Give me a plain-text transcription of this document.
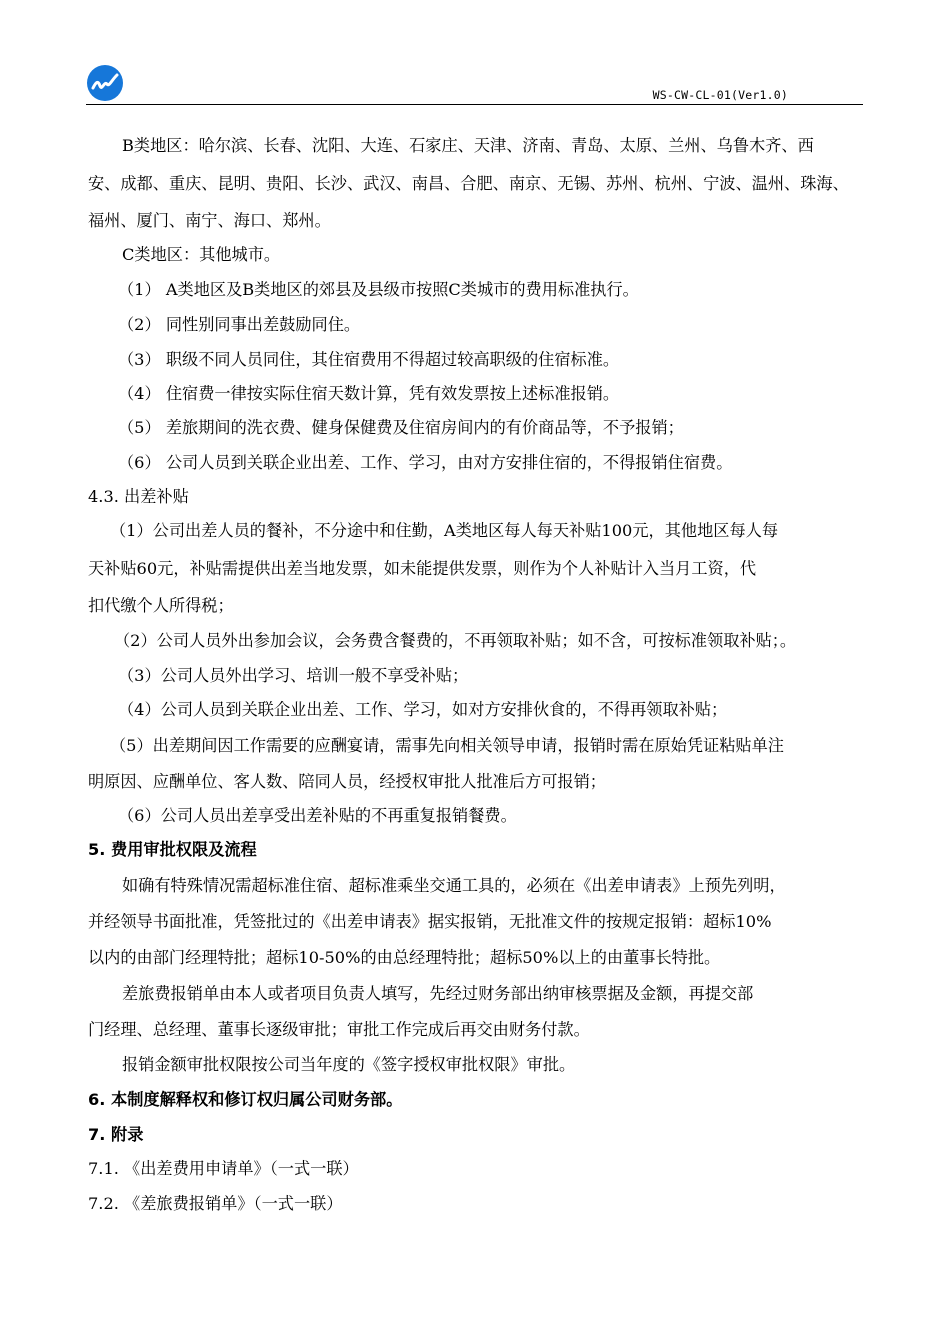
WS-CW-CL-01(Ver1.0)
B类地区：哈尔滨、长春、沈阳、大连、石家庄、天津、济南、青岛、太原、兰州、乌鲁木齐、西
安、成都、重庆、昆明、贵阳、长沙、武汉、南昌、合肥、南京、无锡、苏州、杭州、宁波、温州、珠海、
福州、厦门、南宁、海口、郑州。
C类地区：其他城市。
（1） A类地区及B类地区的郊县及县级市按照C类城市的费用标准执行。
（2） 同性别同事出差鼓励同住。
（3） 职级不同人员同住，其住宿费用不得超过较高职级的住宿标准。
（4） 住宿费一律按实际住宿天数计算，凭有效发票按上述标准报销。
（5） 差旅期间的洗衣费、健身保健费及住宿房间内的有价商品等，不予报销；
（6） 公司人员到关联企业出差、工作、学习，由对方安排住宿的，不得报销住宿费。
4.3. 出差补贴
（1）公司出差人员的餐补，不分途中和住勤，A类地区每人每天补贴100元，其他地区每人每
天补贴60元，补贴需提供出差当地发票，如未能提供发票，则作为个人补贴计入当月工资，代
扣代缴个人所得税；
（2）公司人员外出参加会议，会务费含餐费的，不再领取补贴；如不含，可按标准领取补贴；。
（3）公司人员外出学习、培训一般不享受补贴；
（4）公司人员到关联企业出差、工作、学习，如对方安排伙食的，不得再领取补贴；
（5）出差期间因工作需要的应酬宴请，需事先向相关领导申请，报销时需在原始凭证粘贴单注
明原因、应酬单位、客人数、陪同人员，经授权审批人批准后方可报销；
（6）公司人员出差享受出差补贴的不再重复报销餐费。
5. 费用审批权限及流程
如确有特殊情况需超标准住宿、超标准乘坐交通工具的，必须在《出差申请表》上预先列明，
并经领导书面批准，凭签批过的《出差申请表》据实报销，无批准文件的按规定报销：超标10%
以内的由部门经理特批；超标10-50%的由总经理特批；超标50%以上的由董事长特批。
差旅费报销单由本人或者项目负责人填写，先经过财务部出纳审核票据及金额，再提交部
门经理、总经理、董事长逐级审批；审批工作完成后再交由财务付款。
报销金额审批权限按公司当年度的《签字授权审批权限》审批。
6. 本制度解释权和修订权归属公司财务部。
7. 附录
7.1. 《出差费用申请单》（一式一联）
7.2. 《差旅费报销单》（一式一联）
